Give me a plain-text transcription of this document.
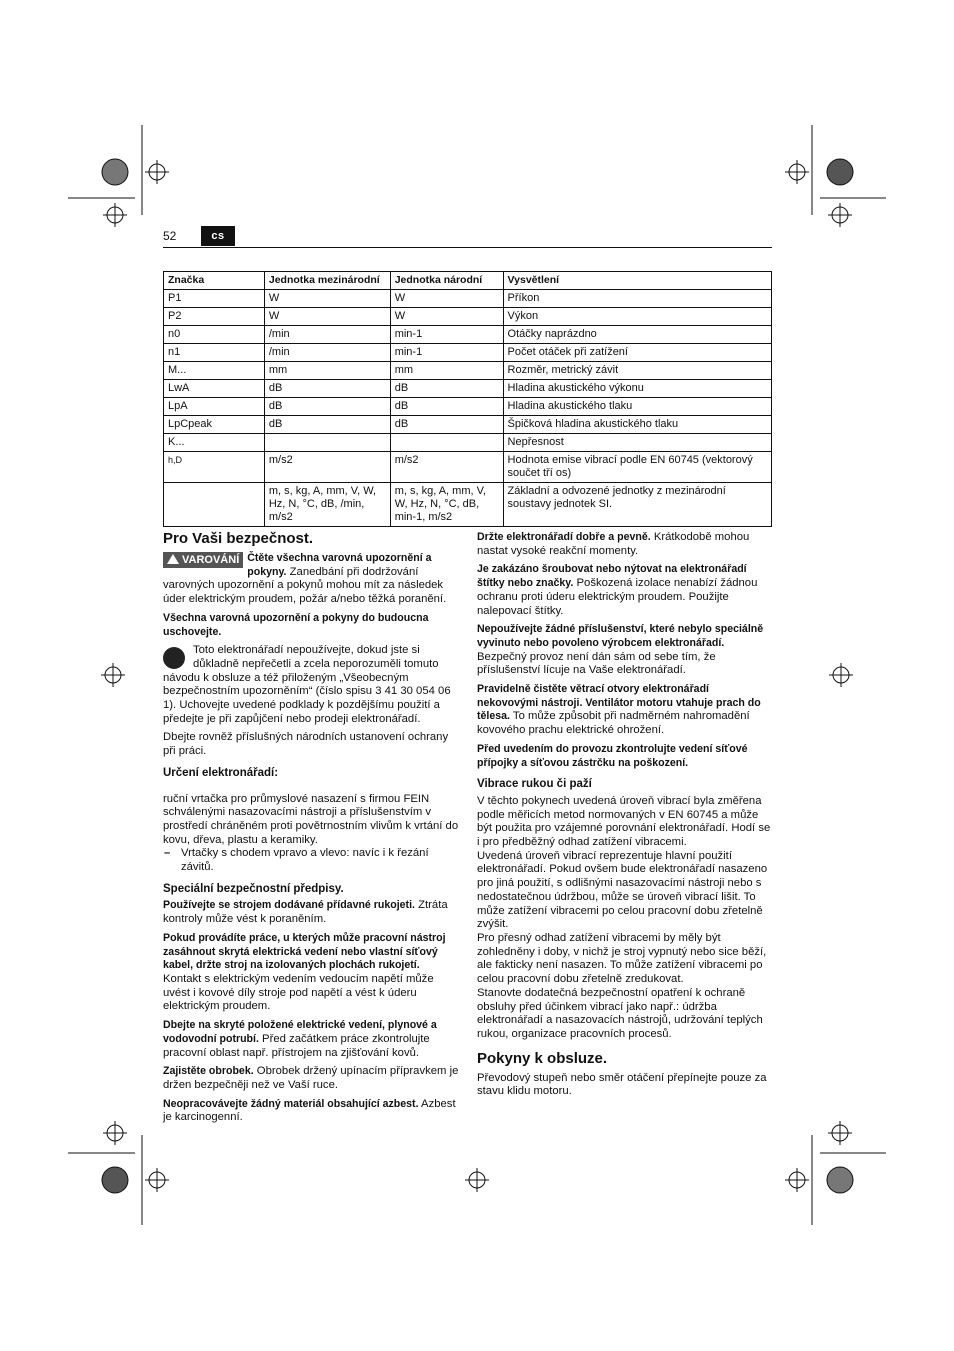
52	cs
Značka	Jednotka mezinárodní	Jednotka národní	Vysvětlení
P1	W	W	Příkon
P2	W	W	Výkon
n0	/min	min-1	Otáčky naprázdno
n1	/min	min-1	Počet otáček při zatížení
M...	mm	mm	Rozměr, metrický závit
LwA	dB	dB	Hladina akustického výkonu
LpA	dB	dB	Hladina akustického tlaku
LpCpeak	dB	dB	Špičková hladina akustického tlaku
K...			Nepřesnost
h,D	m/s2	m/s2	Hodnota emise vibrací podle EN 60745 (vektorový součet tří os)
	m, s, kg, A, mm, V, W, Hz, N, °C, dB, /min, m/s2	m, s, kg, A, mm, V, W, Hz, N, °C, dB, min-1, m/s2	Základní a odvozené jednotky z mezinárodní soustavy jednotek SI.
Pro Vaši bezpečnost.

VAROVÁNÍ Čtěte všechna varovná upozornění a pokyny. Zanedbání při dodržování varovných upozornění a pokynů mohou mít za následek úder elektrickým proudem, požár a/nebo těžká poranění.

Všechna varovná upozornění a pokyny do budoucna uschovejte.

Toto elektronářadí nepoužívejte, dokud jste si důkladně nepřečetli a zcela neporozuměli tomuto návodu k obsluze a též přiloženým „Všeobecným bezpečnostním upozorněním“ (číslo spisu 3 41 30 054 06 1). Uchovejte uvedené podklady k pozdějšímu použití a předejte je při zapůjčení nebo prodeji elektronářadí.

Dbejte rovněž příslušných národních ustanovení ochrany při práci.

Určení elektronářadí:

ruční vrtačka pro průmyslové nasazení s firmou FEIN schválenými nasazovacími nástroji a příslušenstvím v prostředí chráněném proti povětrnostním vlivům k vrtání do kovu, dřeva, plastu a keramiky.

– Vrtačky s chodem vpravo a vlevo: navíc i k řezání závitů.
Speciální bezpečnostní předpisy.

Používejte se strojem dodávané přídavné rukojeti. Ztráta kontroly může vést k poraněním.

Pokud provádíte práce, u kterých může pracovní nástroj zasáhnout skrytá elektrická vedení nebo vlastní síťový kabel, držte stroj na izolovaných plochách rukojetí. Kontakt s elektrickým vedením vedoucím napětí může uvést i kovové díly stroje pod napětí a vést k úderu elektrickým proudem.

Dbejte na skryté položené elektrické vedení, plynové a vodovodní potrubí. Před začátkem práce zkontrolujte pracovní oblast např. přístrojem na zjišťování kovů.

Zajistěte obrobek. Obrobek držený upínacím přípravkem je držen bezpečněji než ve Vaší ruce.

Neopracovávejte žádný materiál obsahující azbest. Azbest je karcinogenní.

Držte elektronářadí dobře a pevně. Krátkodobě mohou nastat vysoké reakční momenty.

Je zakázáno šroubovat nebo nýtovat na elektronářadí štítky nebo značky. Poškozená izolace nenabízí žádnou ochranu proti úderu elektrickým proudem. Použijte nalepovací štítky.

Nepoužívejte žádné příslušenství, které nebylo speciálně vyvinuto nebo povoleno výrobcem elektronářadí. Bezpečný provoz není dán sám od sebe tím, že příslušenství lícuje na Vaše elektronářadí.

Pravidelně čistěte větrací otvory elektronářadí nekovovými nástroji. Ventilátor motoru vtahuje prach do tělesa. To může způsobit při nadměrném nahromadění kovového prachu elektrické ohrožení.

Před uvedením do provozu zkontrolujte vedení síťové přípojky a síťovou zástrčku na poškození.

Vibrace rukou či paží

V těchto pokynech uvedená úroveň vibrací byla změřena podle měřicích metod normovaných v EN 60745 a může být použita pro vzájemné porovnání elektronářadí. Hodí se i pro předběžný odhad zatížení vibracemi.

Uvedená úroveň vibrací reprezentuje hlavní použití elektronářadí. Pokud ovšem bude elektronářadí nasazeno pro jiná použití, s odlišnými nasazovacími nástroji nebo s nedostatečnou údržbou, může se úroveň vibrací lišit. To může zatížení vibracemi po celou pracovní dobu zřetelně zvýšit.

Pro přesný odhad zatížení vibracemi by měly být zohledněny i doby, v nichž je stroj vypnutý nebo sice běží, ale fakticky není nasazen. To může zatížení vibracemi po celou pracovní dobu zřetelně zredukovat.

Stanovte dodatečná bezpečnostní opatření k ochraně obsluhy před účinkem vibrací jako např.: údržba elektronářadí a nasazovacích nástrojů, udržování teplých rukou, organizace pracovních procesů.

Pokyny k obsluze.

Převodový stupeň nebo směr otáčení přepínejte pouze za stavu klidu motoru.
